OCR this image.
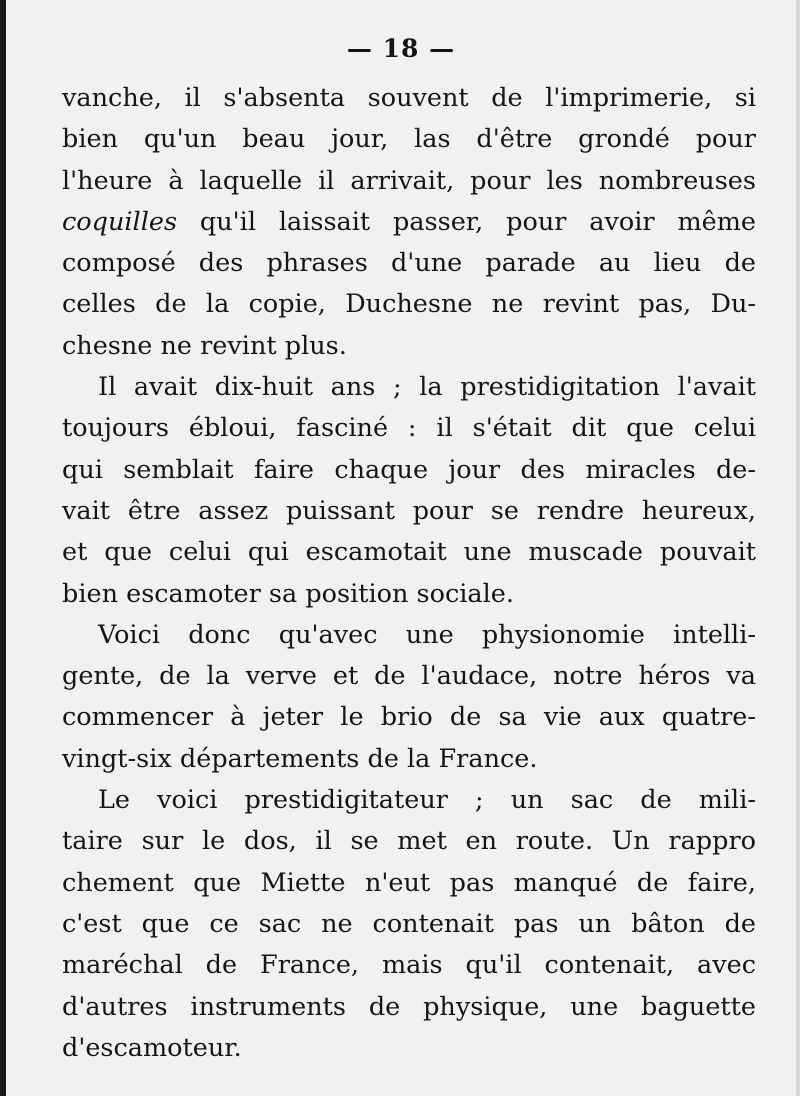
— 18 —
vanche, il s'absenta souvent de l'imprimerie, si
bien qu'un beau jour, las d'être grondé pour
l'heure à laquelle il arrivait, pour les nombreuses
coquilles qu'il laissait passer, pour avoir même
composé des phrases d'une parade au lieu de
celles de la copie, Duchesne ne revint pas, Du-
chesne ne revint plus.
Il avait dix-huit ans ; la prestidigitation l'avait
toujours ébloui, fasciné : il s'était dit que celui
qui semblait faire chaque jour des miracles de-
vait être assez puissant pour se rendre heureux,
et que celui qui escamotait une muscade pouvait
bien escamoter sa position sociale.
Voici donc qu'avec une physionomie intelli-
gente, de la verve et de l'audace, notre héros va
commencer à jeter le brio de sa vie aux quatre-
vingt-six départements de la France.
Le voici prestidigitateur ; un sac de mili-
taire sur le dos, il se met en route. Un rappro
chement que Miette n'eut pas manqué de faire,
c'est que ce sac ne contenait pas un bâton de
maréchal de France, mais qu'il contenait, avec
d'autres instruments de physique, une baguette
d'escamoteur.
